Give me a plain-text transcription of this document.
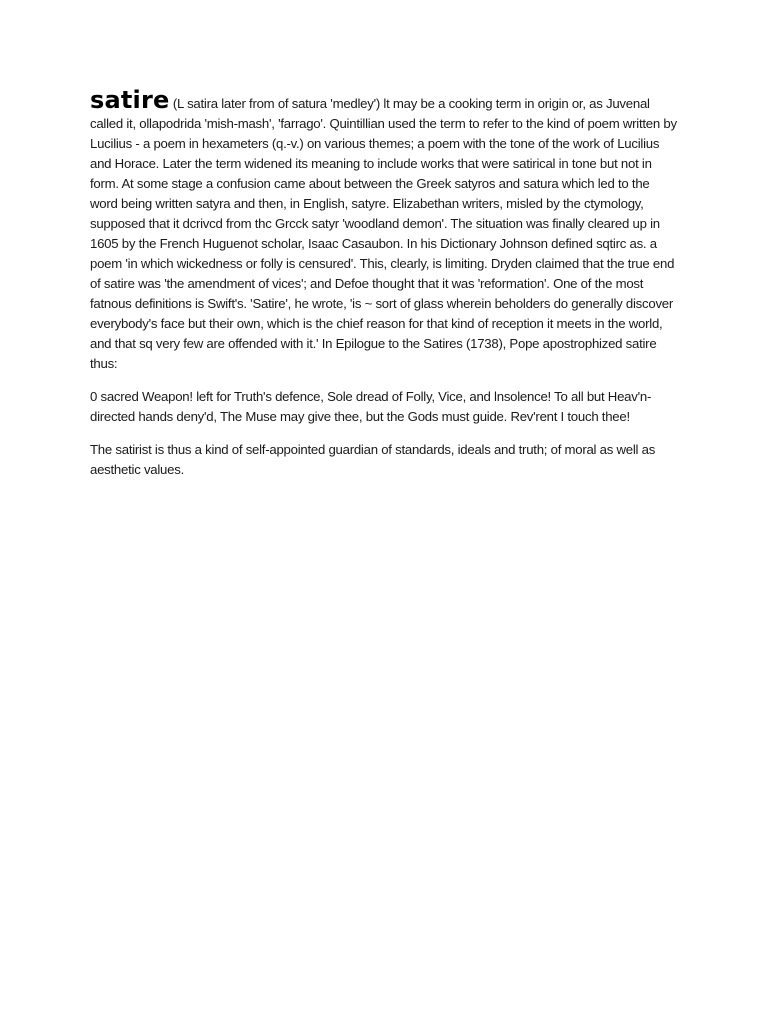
satire (L satira later from of satura 'medley') lt may be a cooking term in origin or, as Juvenal called it, ollapodrida 'mish-mash', 'farrago'. Quintillian used the term to refer to the kind of poem written by Lucilius - a poem in hexameters (q.-v.) on various themes; a poem with the tone of the work of Lucilius and Horace. Later the term widened its meaning to include works that were satirical in tone but not in form. At some stage a confusion came about between the Greek satyros and satura which led to the word being written satyra and then, in English, satyre. Elizabethan writers, misled by the ctymology, supposed that it dcrivcd from thc Grcck satyr 'woodland demon'. The situation was finally cleared up in 1605 by the French Huguenot scholar, Isaac Casaubon. In his Dictionary Johnson defined sqtirc as. a poem 'in which wickedness or folly is censured'. This, clearly, is limiting. Dryden claimed that the true end of satire was 'the amendment of vices'; and Defoe thought that it was 'reformation'. One of the most fatnous definitions is Swift's. 'Satire', he wrote, 'is ~ sort of glass wherein beholders do generally discover everybody's face but their own, which is the chief reason for that kind of reception it meets in the world, and that sq very few are offended with it.' In Epilogue to the Satires (1738), Pope apostrophized satire thus:

0 sacred Weapon! left for Truth's defence, Sole dread of Folly, Vice, and lnsolence! To all but Heav'n-directed hands deny'd, The Muse may give thee, but the Gods must guide. Rev'rent I touch thee!

The satirist is thus a kind of self-appointed guardian of standards, ideals and truth; of moral as well as aesthetic values.
